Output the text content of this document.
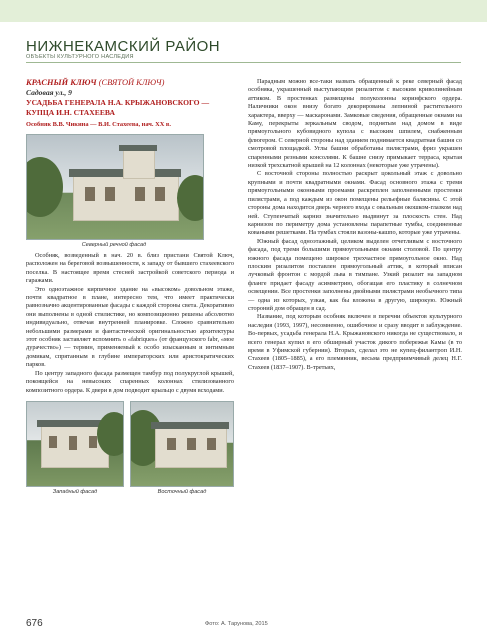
НИЖНЕКАМСКИЙ РАЙОН
ОБЪЕКТЫ КУЛЬТУРНОГО НАСЛЕДИЯ
КРАСНЫЙ КЛЮЧ (СВЯТОЙ КЛЮЧ)
Садовая ул., 9
УСАДЬБА ГЕНЕРАЛА Н.А. КРЫЖАНОВСКОГО — КУПЦА И.Н. СТАХЕЕВА
Особняк В.В. Чикина — В.И. Стахеева, нач. XX в.
Северный речной фасад

Особняк, возведенный в нач. 20 в. близ пристани Святой Ключ, расположен на береговой возвышенности, к западу от бывшего стахеевского поселка. В настоящее время стесней застройкой советского периода и гаражами.

Это одноэтажное кирпичное здание на «высоком» довольном этаже, почти квадратное в плане, интересно тем, что имеет практически равнозначно акцентированные фасады с каждой стороны света. Декоративно они выполнены в одной стилистике, но композиционно решены абсолютно индивидуально, отвечая внутренней планировке. Сложно сравнительно небольшими размерами и фантастической оригинальностью архитектуры этот особняк заставляет вспомнить о «fabriques» (от французского fabr, «мое дурачество») — термин, применяемый к особо изысканным и интимным домикам, спрятанным в глубине императорских или аристократических парков.

По центру западного фасада размещен тамбур под полукруглой крышей, покоящейся на невысоких спаренных колоннах стилизованного композитного ордера. К двери в дом подводит крыльцо с двумя всходами.

Западный фасад	Восточный фасад

Парадным можно все-таки назвать обращенный к реке северный фасад особняка, украшенный выступающим ризалитом с высоким криволинейным аттиком. В простенках размещены полуколонны коринфского ордера. Наличники окон внизу богато декорированы лепниной растительного характера, вверху — маскаронами. Замковые сведения, обращенные окнами на Каму, перекрыты зеркальным сводом, поднятым над домом в виде прямоугольного кубовидного купола с высоким шпилем, снабженным флюгером. С северной стороны над зданием поднимается квадратная башня со смотровой площадкой. Углы башни обработаны пилястрами, фриз украшен спаренными резными консолями. К башне снизу примыкает терраса, крытая низкой трехскатной крышей на 12 колоннах (некоторые уже утрачены).

С восточной стороны полностью раскрыт цокольный этаж с довольно крупными и почти квадратными окнами. Фасад основного этажа с тремя прямоугольными оконными проемами раскреплен заполненными простенки пилястрами, а под каждым из окон помещены рельефные балясины. С этой стороны дома находится дверь черного входа с овальным окошком-глазком над ней. Ступенчатый карниз значительно выдвинут за плоскость стен. Над карнизом по периметру дома установлены парапетные тумбы, соединенные коваными решетками. На тумбах стояли вазоны-кашпо, которые уже утрачены.

Южный фасад одноэтажный, целиком выделен отчетливым с восточного фасада, под тремя большими прямоугольными окнами столовой. По центру южного фасада помещено широкое трехчастное прямоугольное окно. Над плоским ризалитом поставлен прямоугольный аттик, в который вписан лучковый фронтон с мордой льва в тимпане. Узкий ризалит на западном фланге придает фасаду асимметрию, обогащая его пластику в солнечном освещении. Все простенки заполнены двойными пилястрами необычного типа — одна из которых, узкая, как бы вложена в другую, широкую. Южный стороний дом обращен в сад.

Название, под которым особняк включен в перечни объектов культурного наследия (1993, 1997), несомненно, ошибочное и сразу вводит в заблуждение. Во-первых, усадьба генерала Н.А. Крыжановского никогда не существовало, и всего генерал купил в его обширный участок дикого побережья Камы (в то время в Уфимской губернии). Вторых, сделал это не купец-филантроп И.Н. Стахеев (1805–1885), а его племянник, весьма предприимчивый делец Н.Г. Стахеев (1837–1907). В-третьих,

676	Фото: А. Тарунова, 2015
